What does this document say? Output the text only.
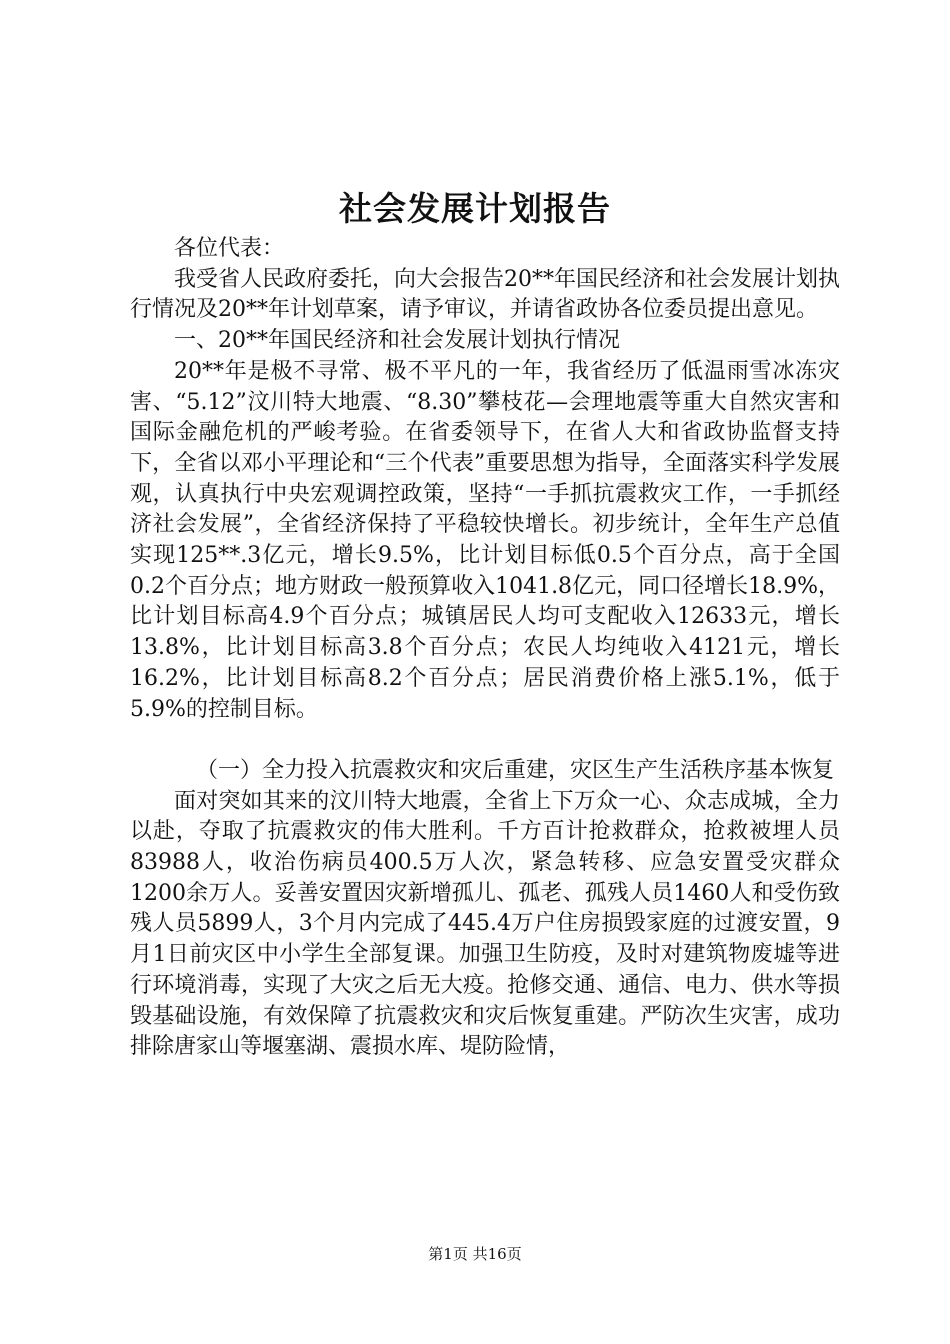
社会发展计划报告

各位代表：

我受省人民政府委托，向大会报告20**年国民经济和社会发展计划执行情况及20**年计划草案，请予审议，并请省政协各位委员提出意见。

一、20**年国民经济和社会发展计划执行情况

20**年是极不寻常、极不平凡的一年，我省经历了低温雨雪冰冻灾害、“5.12”汶川特大地震、“8.30”攀枝花—会理地震等重大自然灾害和国际金融危机的严峻考验。在省委领导下，在省人大和省政协监督支持下，全省以邓小平理论和“三个代表”重要思想为指导，全面落实科学发展观，认真执行中央宏观调控政策，坚持“一手抓抗震救灾工作，一手抓经济社会发展”，全省经济保持了平稳较快增长。初步统计，全年生产总值实现125**.3亿元，增长9.5%，比计划目标低0.5个百分点，高于全国0.2个百分点；地方财政一般预算收入1041.8亿元，同口径增长18.9%，比计划目标高4.9个百分点；城镇居民人均可支配收入12633元，增长13.8%，比计划目标高3.8个百分点；农民人均纯收入4121元，增长16.2%，比计划目标高8.2个百分点；居民消费价格上涨5.1%，低于5.9%的控制目标。

（一）全力投入抗震救灾和灾后重建，灾区生产生活秩序基本恢复

面对突如其来的汶川特大地震，全省上下万众一心、众志成城，全力以赴，夺取了抗震救灾的伟大胜利。千方百计抢救群众，抢救被埋人员83988人，收治伤病员400.5万人次，紧急转移、应急安置受灾群众1200余万人。妥善安置因灾新增孤儿、孤老、孤残人员1460人和受伤致残人员5899人，3个月内完成了445.4万户住房损毁家庭的过渡安置，9月1日前灾区中小学生全部复课。加强卫生防疫，及时对建筑物废墟等进行环境消毒，实现了大灾之后无大疫。抢修交通、通信、电力、供水等损毁基础设施，有效保障了抗震救灾和灾后恢复重建。严防次生灾害，成功排除唐家山等堰塞湖、震损水库、堤防险情，

第1页 共16页
